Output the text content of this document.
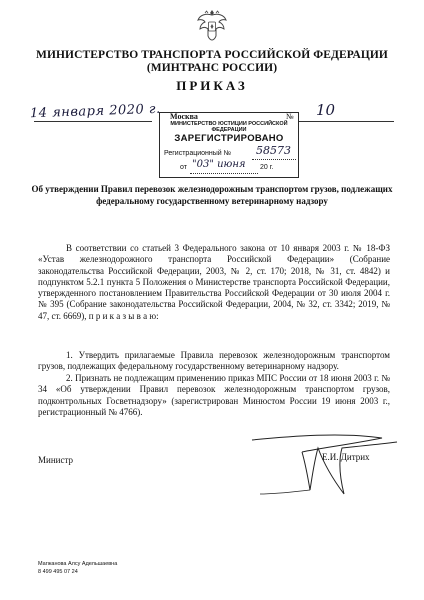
МИНИСТЕРСТВО ТРАНСПОРТА РОССИЙСКОЙ ФЕДЕРАЦИИ
(МИНТРАНС РОССИИ)
ПРИКАЗ
14 января 2020 г. Москва	№ 10
МИНИСТЕРСТВО ЮСТИЦИИ РОССИЙСКОЙ ФЕДЕРАЦИИ
ЗАРЕГИСТРИРОВАНО
Регистрационный № 58573
от "03" июня 20 г.
Об утверждении Правил перевозок железнодорожным транспортом грузов, подлежащих федеральному государственному ветеринарному надзору
В соответствии со статьей 3 Федерального закона от 10 января 2003 г. № 18-ФЗ «Устав железнодорожного транспорта Российской Федерации» (Собрание законодательства Российской Федерации, 2003, № 2, ст. 170; 2018, № 31, ст. 4842) и подпунктом 5.2.1 пункта 5 Положения о Министерстве транспорта Российской Федерации, утвержденного постановлением Правительства Российской Федерации от 30 июля 2004 г. № 395 (Собрание законодательства Российской Федерации, 2004, № 32, ст. 3342; 2019, № 47, ст. 6669), п р и к а з ы в а ю:
1. Утвердить прилагаемые Правила перевозок железнодорожным транспортом грузов, подлежащих федеральному государственному ветеринарному надзору.
2. Признать не подлежащим применению приказ МПС России от 18 июня 2003 г. № 34 «Об утверждении Правил перевозок железнодорожным транспортом грузов, подконтрольных Госветнадзору» (зарегистрирован Минюстом России 19 июня 2003 г., регистрационный № 4766).
Министр	Е.И. Дитрих
Магжанова Алсу Адельшаевна
8 499 495 07 24
